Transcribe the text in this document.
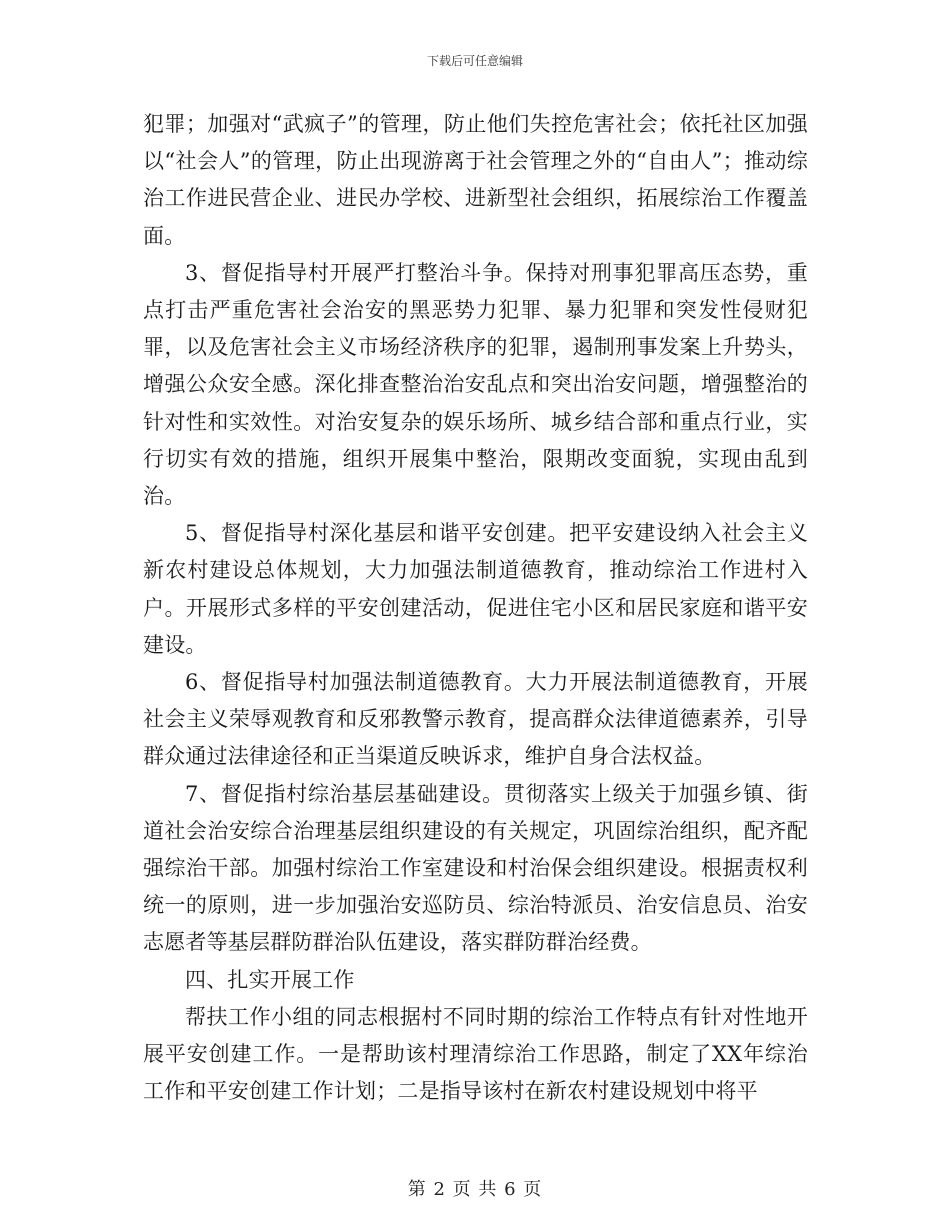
下载后可任意编辑

犯罪；加强对“武疯子”的管理，防止他们失控危害社会；依托社区加强以“社会人”的管理，防止出现游离于社会管理之外的“自由人”；推动综治工作进民营企业、进民办学校、进新型社会组织，拓展综治工作覆盖面。

3、督促指导村开展严打整治斗争。保持对刑事犯罪高压态势，重点打击严重危害社会治安的黑恶势力犯罪、暴力犯罪和突发性侵财犯罪，以及危害社会主义市场经济秩序的犯罪，遏制刑事发案上升势头，增强公众安全感。深化排查整治治安乱点和突出治安问题，增强整治的针对性和实效性。对治安复杂的娱乐场所、城乡结合部和重点行业，实行切实有效的措施，组织开展集中整治，限期改变面貌，实现由乱到治。

5、督促指导村深化基层和谐平安创建。把平安建设纳入社会主义新农村建设总体规划，大力加强法制道德教育，推动综治工作进村入户。开展形式多样的平安创建活动，促进住宅小区和居民家庭和谐平安建设。

6、督促指导村加强法制道德教育。大力开展法制道德教育，开展社会主义荣辱观教育和反邪教警示教育，提高群众法律道德素养，引导群众通过法律途径和正当渠道反映诉求，维护自身合法权益。

7、督促指村综治基层基础建设。贯彻落实上级关于加强乡镇、街道社会治安综合治理基层组织建设的有关规定，巩固综治组织，配齐配强综治干部。加强村综治工作室建设和村治保会组织建设。根据责权利统一的原则，进一步加强治安巡防员、综治特派员、治安信息员、治安志愿者等基层群防群治队伍建设，落实群防群治经费。

四、扎实开展工作

帮扶工作小组的同志根据村不同时期的综治工作特点有针对性地开展平安创建工作。一是帮助该村理清综治工作思路，制定了XX年综治工作和平安创建工作计划；二是指导该村在新农村建设规划中将平

第 2 页 共 6 页
